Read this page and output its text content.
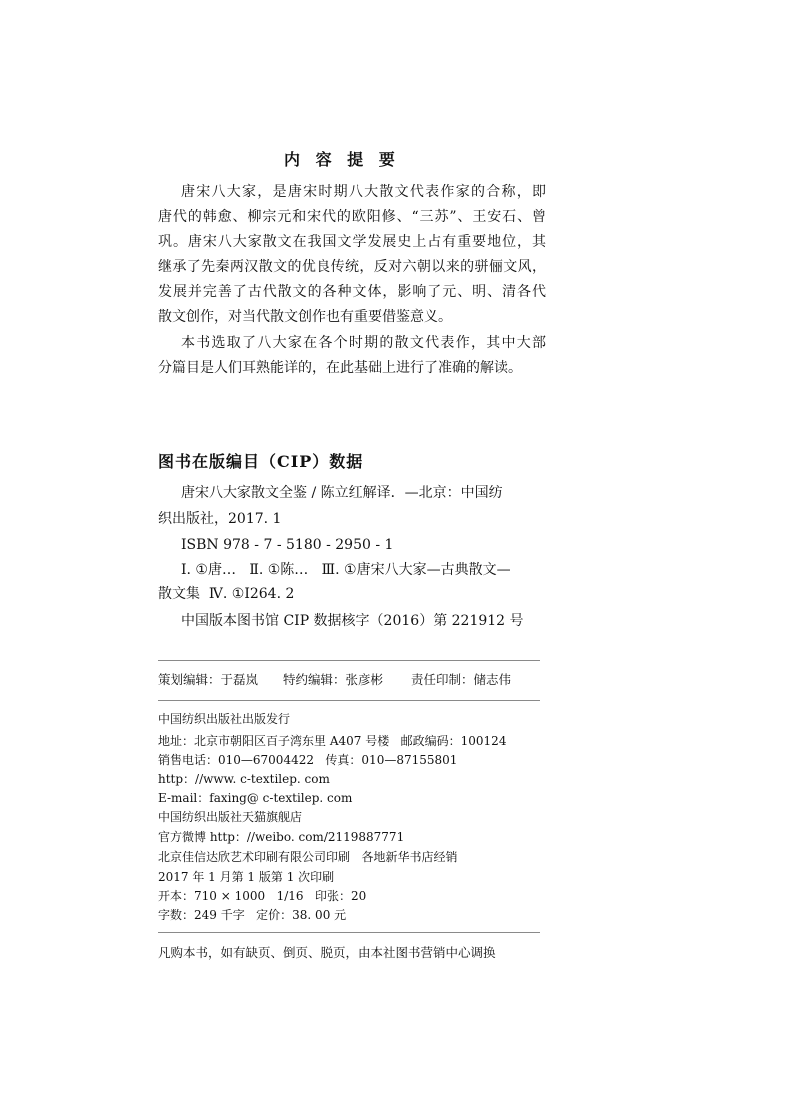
内 容 提 要
唐宋八大家，是唐宋时期八大散文代表作家的合称，即
唐代的韩愈、柳宗元和宋代的欧阳修、“三苏”、王安石、曾
巩。唐宋八大家散文在我国文学发展史上占有重要地位，其
继承了先秦两汉散文的优良传统，反对六朝以来的骈俪文风，
发展并完善了古代散文的各种文体，影响了元、明、清各代
散文创作，对当代散文创作也有重要借鉴意义。
本书选取了八大家在各个时期的散文代表作，其中大部
分篇目是人们耳熟能详的，在此基础上进行了准确的解读。
图书在版编目（CIP）数据
唐宋八大家散文全鉴 / 陈立红解译．—北京：中国纺
织出版社，2017. 1
ISBN 978 - 7 - 5180 - 2950 - 1
Ⅰ. ①唐…   Ⅱ. ①陈…   Ⅲ. ①唐宋八大家—古典散文—
散文集  Ⅳ. ①I264. 2
中国版本图书馆 CIP 数据核字（2016）第 221912 号
策划编辑：于磊岚 特约编辑：张彦彬 责任印制：储志伟
中国纺织出版社出版发行
地址：北京市朝阳区百子湾东里 A407 号楼   邮政编码：100124
销售电话：010—67004422   传真：010—87155801
http：//www. c-textilep. com
E-mail：faxing@ c-textilep. com
中国纺织出版社天猫旗舰店
官方微博 http：//weibo. com/2119887771
北京佳信达欣艺术印刷有限公司印刷   各地新华书店经销
2017 年 1 月第 1 版第 1 次印刷
开本：710 × 1000   1/16   印张：20
字数：249 千字   定价：38. 00 元
凡购本书，如有缺页、倒页、脱页，由本社图书营销中心调换
